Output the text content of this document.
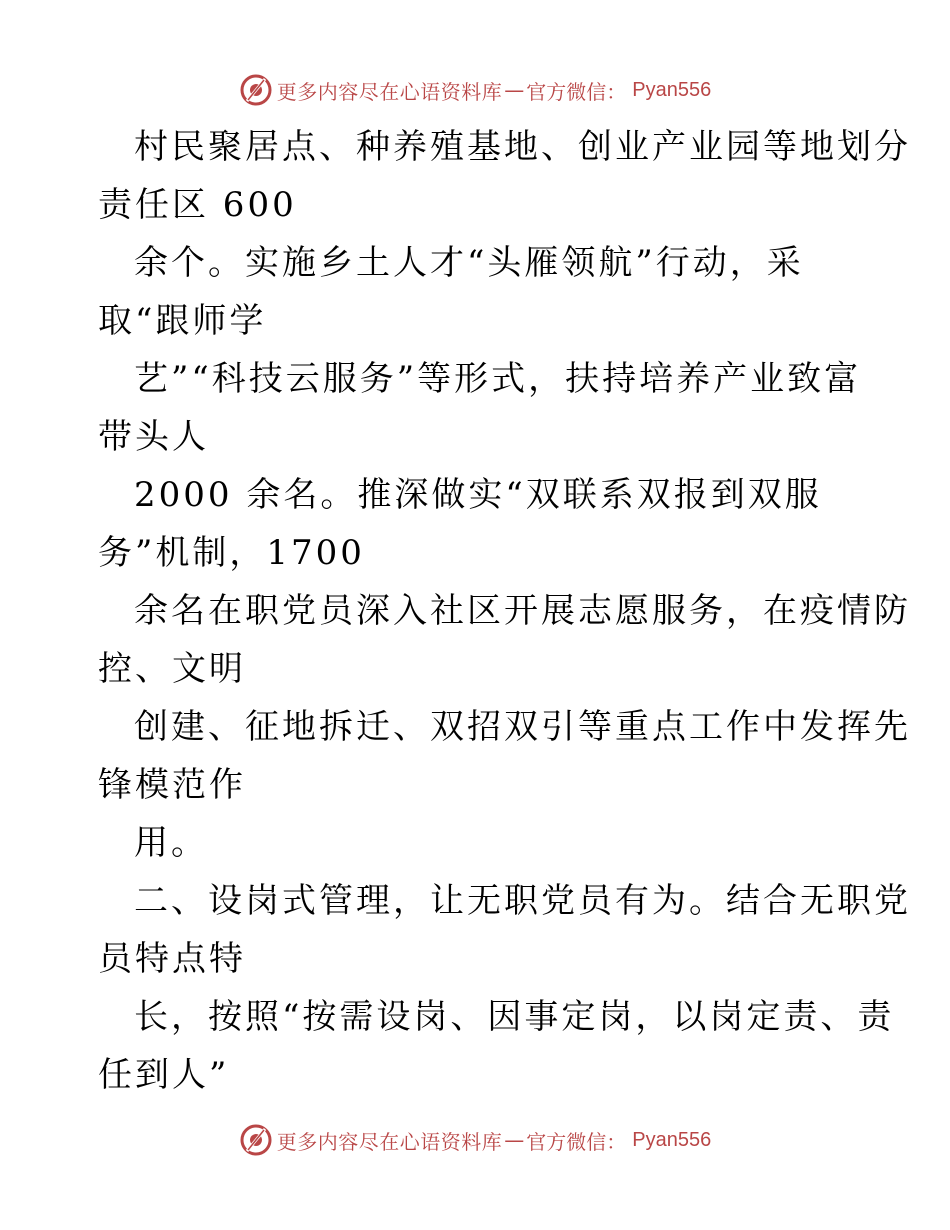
更多内容尽在心语资料库 — 官方微信： Pyan556
村民聚居点、种养殖基地、创业产业园等地划分
责任区 600
余个。实施乡土人才“头雁领航”行动，采
取“跟师学
艺”“科技云服务”等形式，扶持培养产业致富
带头人
2000 余名。推深做实“双联系双报到双服
务”机制，1700
余名在职党员深入社区开展志愿服务，在疫情防
控、文明
创建、征地拆迁、双招双引等重点工作中发挥先
锋模范作
用。
二、设岗式管理，让无职党员有为。结合无职党
员特点特
长，按照“按需设岗、因事定岗，以岗定责、责
任到人”
更多内容尽在心语资料库 — 官方微信： Pyan556
